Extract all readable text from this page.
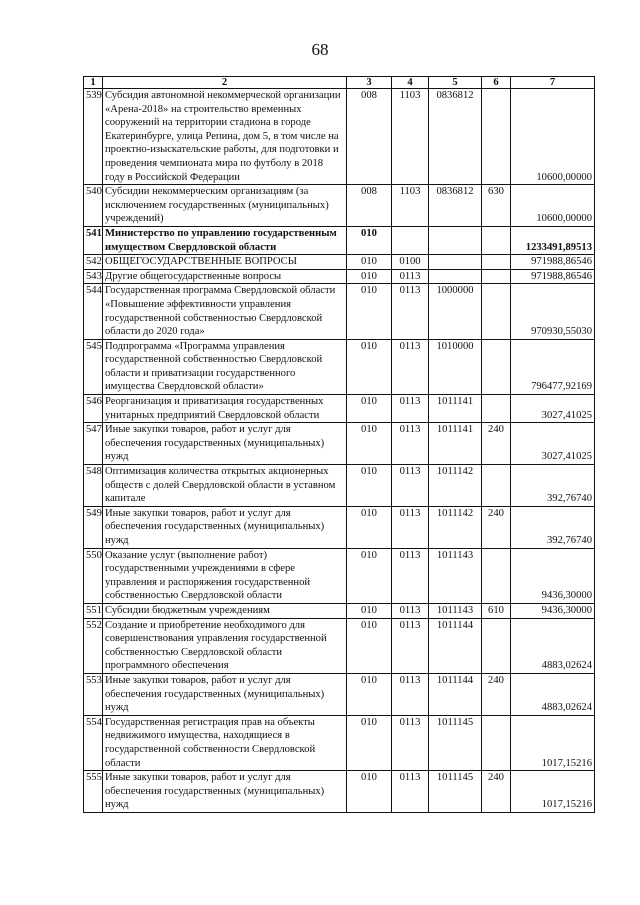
68
1	2	3	4	5	6	7
539	Субсидия автономной некоммерческой организации «Арена-2018» на строительство временных сооружений на территории стадиона в городе Екатеринбурге, улица Репина, дом 5, в том числе на проектно-изыскательские работы, для подготовки и проведения чемпионата мира по футболу в 2018 году в Российской Федерации	008	1103	0836812		10600,00000
540	Субсидии некоммерческим организациям (за исключением государственных (муниципальных) учреждений)	008	1103	0836812	630	10600,00000
541	Министерство по управлению государственным имуществом Свердловской области	010				1233491,89513
542	ОБЩЕГОСУДАРСТВЕННЫЕ ВОПРОСЫ	010	0100			971988,86546
543	Другие общегосударственные вопросы	010	0113			971988,86546
544	Государственная программа Свердловской области «Повышение эффективности управления государственной собственностью Свердловской области до 2020 года»	010	0113	1000000		970930,55030
545	Подпрограмма «Программа управления государственной собственностью Свердловской области и приватизации государственного имущества Свердловской области»	010	0113	1010000		796477,92169
546	Реорганизация и приватизация государственных унитарных предприятий Свердловской области	010	0113	1011141		3027,41025
547	Иные закупки товаров, работ и услуг для обеспечения государственных (муниципальных) нужд	010	0113	1011141	240	3027,41025
548	Оптимизация количества открытых акционерных обществ с долей Свердловской области в уставном капитале	010	0113	1011142		392,76740
549	Иные закупки товаров, работ и услуг для обеспечения государственных (муниципальных) нужд	010	0113	1011142	240	392,76740
550	Оказание услуг (выполнение работ) государственными учреждениями в сфере управления и распоряжения государственной собственностью Свердловской области	010	0113	1011143		9436,30000
551	Субсидии бюджетным учреждениям	010	0113	1011143	610	9436,30000
552	Создание и приобретение необходимого для совершенствования управления государственной собственностью Свердловской области программного обеспечения	010	0113	1011144		4883,02624
553	Иные закупки товаров, работ и услуг для обеспечения государственных (муниципальных) нужд	010	0113	1011144	240	4883,02624
554	Государственная регистрация прав на объекты недвижимого имущества, находящиеся в государственной собственности Свердловской области	010	0113	1011145		1017,15216
555	Иные закупки товаров, работ и услуг для обеспечения государственных (муниципальных) нужд	010	0113	1011145	240	1017,15216
